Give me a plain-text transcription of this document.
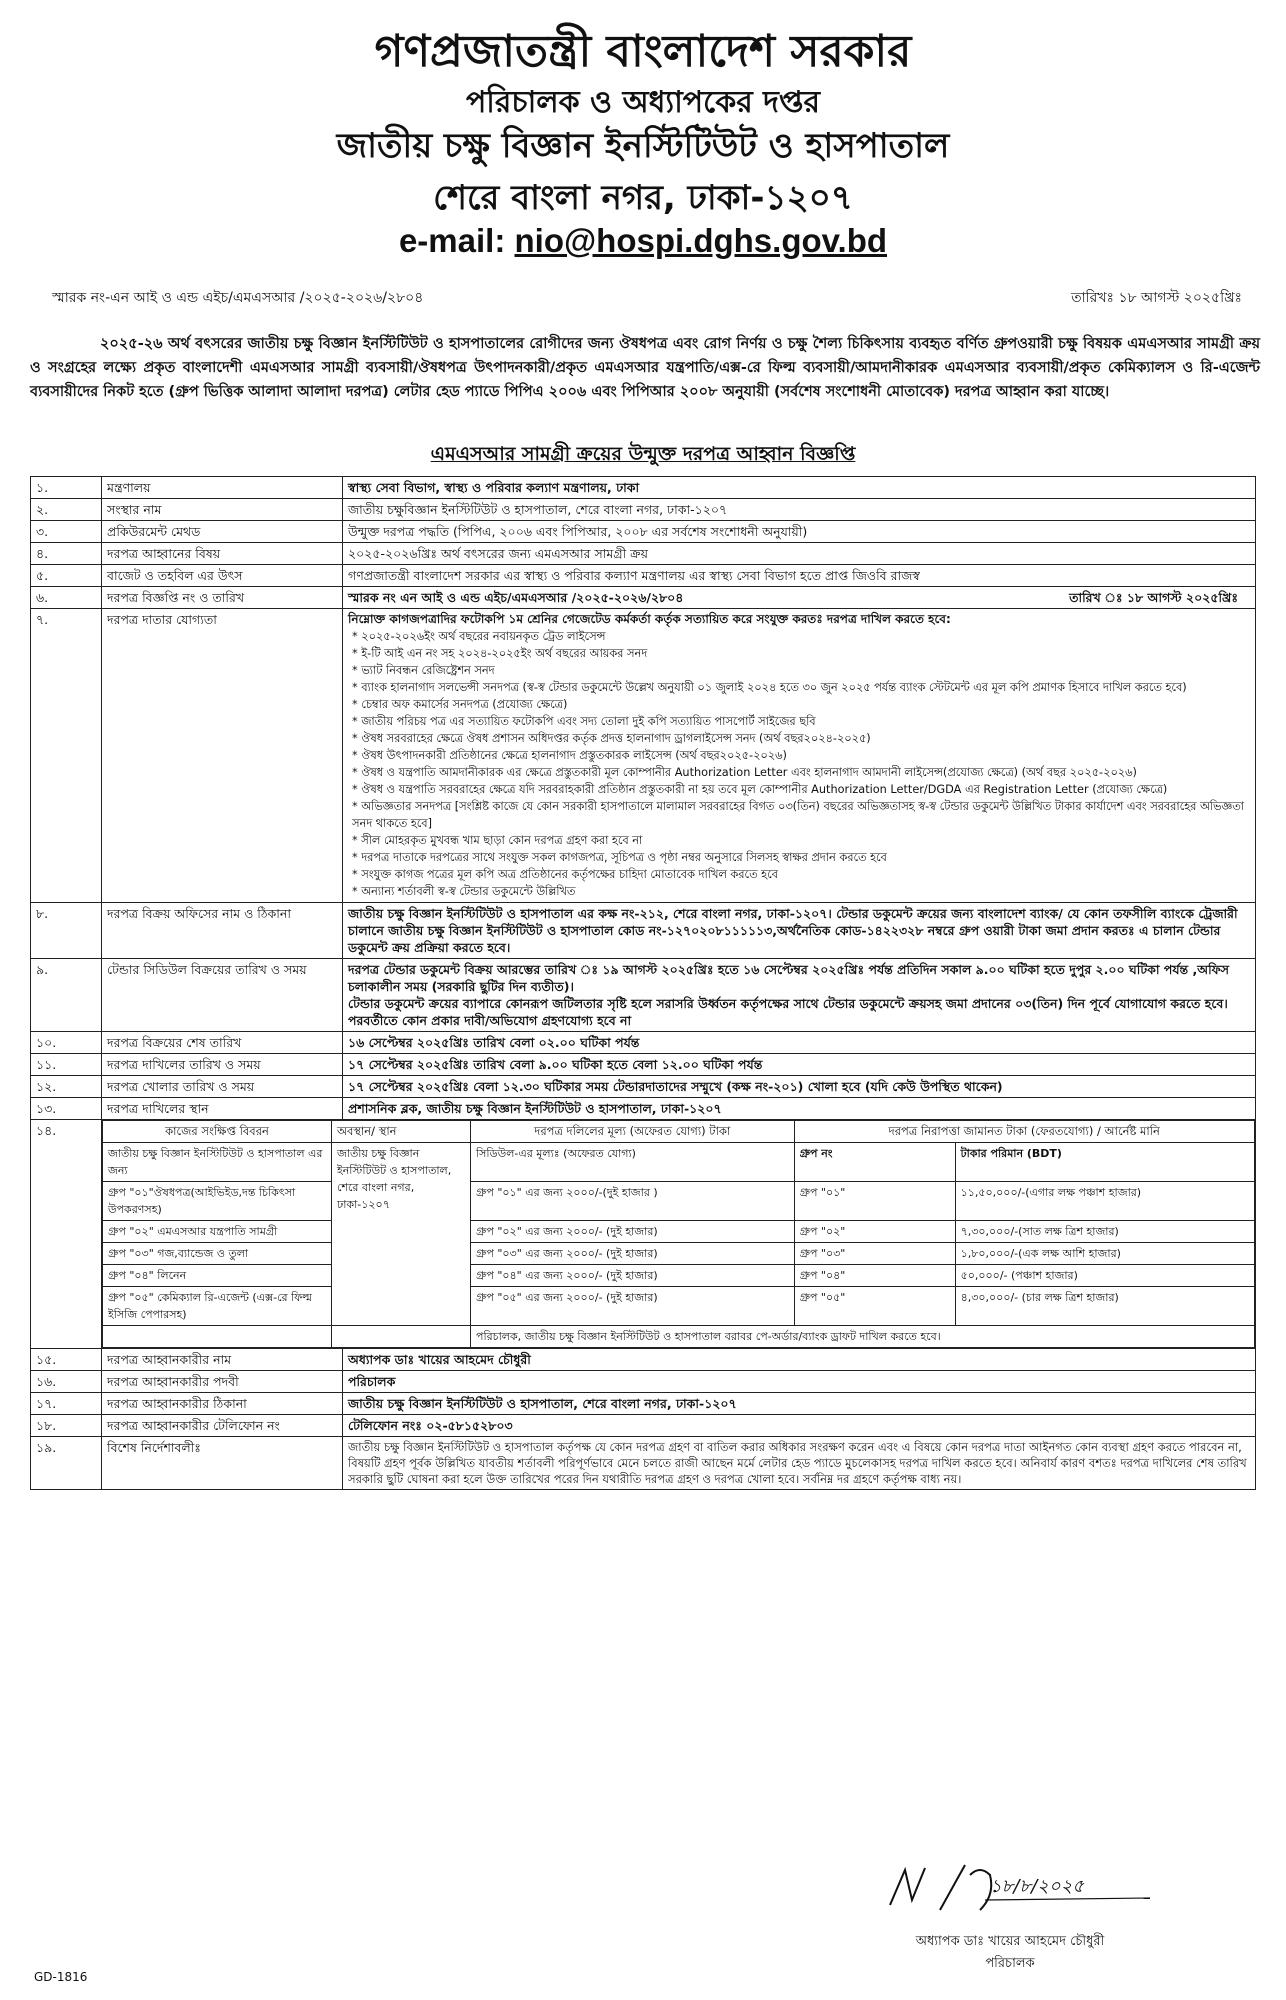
গণপ্রজাতন্ত্রী বাংলাদেশ সরকার
পরিচালক ও অধ্যাপকের দপ্তর
জাতীয় চক্ষু বিজ্ঞান ইনস্টিটিউট ও হাসপাতাল
শেরে বাংলা নগর, ঢাকা-১২০৭
e-mail: nio@hospi.dghs.gov.bd
স্মারক নং-এন আই ও এন্ড এইচ/এমএসআর /২০২৫-২০২৬/২৮০৪	তারিখঃ ১৮ আগস্ট ২০২৫খ্রিঃ
২০২৫-২৬ অর্থ বৎসরের জাতীয় চক্ষু বিজ্ঞান ইনস্টিটিউট ও হাসপাতালের রোগীদের জন্য ঔষধপত্র এবং রোগ নির্ণয় ও চক্ষু শৈল্য চিকিৎসায় ব্যবহৃত বর্ণিত গ্রুপওয়ারী চক্ষু বিষয়ক এমএসআর সামগ্রী ক্রয় ও সংগ্রহের লক্ষ্যে প্রকৃত বাংলাদেশী এমএসআর সামগ্রী ব্যবসায়ী/ঔষধপত্র উৎপাদনকারী/প্রকৃত এমএসআর যন্ত্রপাতি/এক্স-রে ফিল্ম ব্যবসায়ী/আমদানীকারক এমএসআর ব্যবসায়ী/প্রকৃত কেমিক্যালস ও রি-এজেন্ট ব্যবসায়ীদের নিকট হতে (গ্রুপ ভিত্তিক আলাদা আলাদা দরপত্র) লেটার হেড প্যাডে পিপিএ ২০০৬ এবং পিপিআর ২০০৮ অনুযায়ী (সর্বশেষ সংশোধনী মোতাবেক) দরপত্র আহ্বান করা যাচ্ছে।
এমএসআর সামগ্রী ক্রয়ের উন্মুক্ত দরপত্র আহ্বান বিজ্ঞপ্তি
১.	মন্ত্রণালয়	স্বাস্থ্য সেবা বিভাগ, স্বাস্থ্য ও পরিবার কল্যাণ মন্ত্রণালয়, ঢাকা
২.	সংস্থার নাম	জাতীয় চক্ষুবিজ্ঞান ইনস্টিটিউট ও হাসপাতাল, শেরে বাংলা নগর, ঢাকা-১২০৭
৩.	প্রকিউরমেন্ট মেথড	উন্মুক্ত দরপত্র পদ্ধতি (পিপিএ, ২০০৬ এবং পিপিআর, ২০০৮ এর সর্বশেষ সংশোধনী অনুযায়ী)
৪.	দরপত্র আহ্বানের বিষয়	২০২৫-২০২৬খ্রিঃ অর্থ বৎসরের জন্য এমএসআর সামগ্রী ক্রয়
৫.	বাজেট ও তহবিল এর উৎস	গণপ্রজাতন্ত্রী বাংলাদেশ সরকার এর স্বাস্থ্য ও পরিবার কল্যাণ মন্ত্রণালয় এর স্বাস্থ্য সেবা বিভাগ হতে প্রাপ্ত জিওবি রাজস্ব
৬.	দরপত্র বিজ্ঞপ্তি নং ও তারিখ	স্মারক নং এন আই ও এন্ড এইচ/এমএসআর /২০২৫-২০২৬/২৮০৪	তারিখ ঃ ১৮ আগস্ট ২০২৫খ্রিঃ

৭.	দরপত্র দাতার যোগ্যতা	নিম্নোক্ত কাগজপত্রাদির ফটোকপি ১ম শ্রেনির গেজেটেড কর্মকর্তা কর্তৃক সত্যায়িত করে সংযুক্ত করতঃ দরপত্র দাখিল করতে হবে:
* ২০২৫-২০২৬ইং অর্থ বছরের নবায়নকৃত ট্রেড লাইসেন্স
* ই-টি আই এন নং সহ ২০২৪-২০২৫ইং অর্থ বছরের আয়কর সনদ
* ভ্যাট নিবন্ধন রেজিষ্ট্রেশন সনদ
* ব্যাংক হালনাগাদ সলভেন্সী সনদপত্র (স্ব-স্ব টেন্ডার ডকুমেন্টে উল্লেখ অনুযায়ী ০১ জুলাই ২০২৪ হতে ৩০ জুন ২০২৫ পর্যন্ত ব্যাংক স্টেটমেন্ট এর মূল কপি প্রমাণক হিসাবে দাখিল করতে হবে)
* চেম্বার অফ কমার্সের সনদপত্র (প্রযোজ্য ক্ষেত্রে)
* জাতীয় পরিচয় পত্র এর সত্যায়িত ফটোকপি এবং সদ্য তোলা দুই কপি সত্যায়িত পাসপোর্ট সাইজের ছবি
* ঔষধ সরবরাহের ক্ষেত্রে ঔষধ প্রশাসন অধিদপ্তর কর্তৃক প্রদত্ত হালনাগাদ ড্রাগলাইসেন্স সনদ (অর্থ বছর২০২৪-২০২৫)
* ঔষধ উৎপাদনকারী প্রতিষ্ঠানের ক্ষেত্রে হালনাগাদ প্রস্তুতকারক লাইসেন্স (অর্থ বছর২০২৫-২০২৬)
* ঔষধ ও যন্ত্রপাতি আমদানীকারক এর ক্ষেত্রে প্রস্তুতকারী মূল কোম্পানীর Authorization Letter এবং হালনাগাদ আমদানী লাইসেন্স(প্রযোজ্য ক্ষেত্রে) (অর্থ বছর ২০২৫-২০২৬)
* ঔষধ ও যন্ত্রপাতি সরবরাহের ক্ষেত্রে যদি সরবরাহকারী প্রতিষ্ঠান প্রস্তুতকারী না হয় তবে মূল কোম্পানীর Authorization Letter/DGDA এর Registration Letter (প্রযোজ্য ক্ষেত্রে)
* অভিজ্ঞতার সনদপত্র [সংশ্লিষ্ট কাজে যে কোন সরকারী হাসপাতালে মালামাল সরবরাহের বিগত ০৩(তিন) বছরের অভিজ্ঞতাসহ স্ব-স্ব টেন্ডার ডকুমেন্ট উল্লিখিত টাকার কার্যাদেশ এবং সরবরাহের অভিজ্ঞতা সনদ থাকতে হবে]
* সীল মোহরকৃত মুখবন্ধ খাম ছাড়া কোন দরপত্র গ্রহণ করা হবে না
* দরপত্র দাতাকে দরপত্রের সাথে সংযুক্ত সকল কাগজপত্র, সূচিপত্র ও পৃষ্ঠা নম্বর অনুসারে সিলসহ স্বাক্ষর প্রদান করতে হবে
* সংযুক্ত কাগজ পত্রের মূল কপি অত্র প্রতিষ্ঠানের কর্তৃপক্ষের চাহিদা মোতাবেক দাখিল করতে হবে
* অন্যান্য শর্তাবলী স্ব-স্ব টেন্ডার ডকুমেন্টে উল্লিখিত

৮.	দরপত্র বিক্রয় অফিসের নাম ও ঠিকানা	জাতীয় চক্ষু বিজ্ঞান ইনস্টিটিউট ও হাসপাতাল এর কক্ষ নং-২১২, শেরে বাংলা নগর, ঢাকা-১২০৭। টেন্ডার ডকুমেন্ট ক্রয়ের জন্য বাংলাদেশ ব্যাংক/ যে কোন তফসীলি ব্যাংকে ট্রেজারী চালানে জাতীয় চক্ষু বিজ্ঞান ইনস্টিটিউট ও হাসপাতাল কোড নং-১২৭০২০৮১১১১১৩,অর্থনৈতিক কোড-১৪২২৩২৮ নম্বরে গ্রুপ ওয়ারী টাকা জমা প্রদান করতঃ এ চালান টেন্ডার ডকুমেন্ট ক্রয় প্রক্রিয়া করতে হবে।
৯.	টেন্ডার সিডিউল বিক্রয়ের তারিখ ও সময়	দরপত্র টেন্ডার ডকুমেন্ট বিক্রয় আরম্ভের তারিখ ঃ ১৯ আগস্ট ২০২৫খ্রিঃ হতে ১৬ সেপ্টেম্বর ২০২৫খ্রিঃ পর্যন্ত প্রতিদিন সকাল ৯.০০ ঘটিকা হতে দুপুর ২.০০ ঘটিকা পর্যন্ত ,অফিস চলাকালীন সময় (সরকারি ছুটির দিন ব্যতীত)।
টেন্ডার ডকুমেন্ট ক্রয়ের ব্যাপারে কোনরূপ জটিলতার সৃষ্টি হলে সরাসরি উর্ধ্বতন কর্তৃপক্ষের সাথে টেন্ডার ডকুমেন্টে ক্রয়সহ জমা প্রদানের ০৩(তিন) দিন পূর্বে যোগাযোগ করতে হবে। পরবর্তীতে কোন প্রকার দাবী/অভিযোগ গ্রহণযোগ্য হবে না

১০.	দরপত্র বিক্রয়ের শেষ তারিখ	১৬ সেপ্টেম্বর ২০২৫খ্রিঃ তারিখ বেলা ০২.০০ ঘটিকা পর্যন্ত
১১.	দরপত্র দাখিলের তারিখ ও সময়	১৭ সেপ্টেম্বর ২০২৫খ্রিঃ তারিখ বেলা ৯.০০ ঘটিকা হতে বেলা ১২.০০ ঘটিকা পর্যন্ত
১২.	দরপত্র খোলার তারিখ ও সময়	১৭ সেপ্টেম্বর ২০২৫খ্রিঃ বেলা ১২.৩০ ঘটিকার সময় টেন্ডারদাতাদের সম্মুখে (কক্ষ নং-২০১) খোলা হবে (যদি কেউ উপস্থিত থাকেন)
১৩.	দরপত্র দাখিলের স্থান	প্রশাসনিক ব্লক, জাতীয় চক্ষু বিজ্ঞান ইনস্টিটিউট ও হাসপাতাল, ঢাকা-১২০৭
১৪.		কাজের সংক্ষিপ্ত বিবরন	অবস্থান/ স্থান	দরপত্র দলিলের মূল্য (অফেরত যোগ্য) টাকা	দরপত্র নিরাপত্তা জামানত টাকা (ফেরতযোগ্য) / আর্নেষ্ট মানি
জাতীয় চক্ষু বিজ্ঞান ইনস্টিটিউট ও হাসপাতাল এর জন্য	জাতীয় চক্ষু বিজ্ঞান ইনস্টিটিউট ও হাসপাতাল, শেরে বাংলা নগর, ঢাকা-১২০৭	সিডিউল-এর মূল্যঃ (অফেরত যোগ্য)	গ্রুপ নং	টাকার পরিমান (BDT)
গ্রুপ "০১"ঔষধপত্র(আইভিইড,দন্ত চিকিৎসা উপকরণসহ)	গ্রুপ "০১" এর জন্য ২০০০/-(দুই হাজার )	গ্রুপ "০১"	১১,৫০,০০০/-(এগার লক্ষ পঞ্চাশ হাজার)
গ্রুপ "০২" এমএসআর যন্ত্রপাতি সামগ্রী	গ্রুপ "০২" এর জন্য ২০০০/- (দুই হাজার)	গ্রুপ "০২"	৭,৩০,০০০/-(সাত লক্ষ ত্রিশ হাজার)
গ্রুপ "০৩" গজ,ব্যান্ডেজ ও তুলা	গ্রুপ "০৩" এর জন্য ২০০০/- (দুই হাজার)	গ্রুপ "০৩"	১,৮০,০০০/-(এক লক্ষ আশি হাজার)
গ্রুপ "০৪" লিনেন	গ্রুপ "০৪" এর জন্য ২০০০/- (দুই হাজার)	গ্রুপ "০৪"	৫০,০০০/- (পঞ্চাশ হাজার)
গ্রুপ "০৫" কেমিক্যাল রি-এজেন্ট (এক্স-রে ফিল্ম ইসিজি পেপারসহ)	গ্রুপ "০৫" এর জন্য ২০০০/- (দুই হাজার)	গ্রুপ "০৫"	৪,৩০,০০০/- (চার লক্ষ ত্রিশ হাজার)
		পরিচালক, জাতীয় চক্ষু বিজ্ঞান ইনস্টিটিউট ও হাসপাতাল বরাবর পে-অর্ডার/ব্যাংক ড্রাফট দাখিল করতে হবে।

১৫.	দরপত্র আহ্বানকারীর নাম	অধ্যাপক ডাঃ খায়ের আহমেদ চৌধুরী
১৬.	দরপত্র আহ্বানকারীর পদবী	পরিচালক
১৭.	দরপত্র আহ্বানকারীর ঠিকানা	জাতীয় চক্ষু বিজ্ঞান ইনস্টিটিউট ও হাসপাতাল, শেরে বাংলা নগর, ঢাকা-১২০৭
১৮.	দরপত্র আহ্বানকারীর টেলিফোন নং	টেলিফোন নংঃ ০২-৫৮১৫২৮০৩
১৯.	বিশেষ নির্দেশাবলীঃ	জাতীয় চক্ষু বিজ্ঞান ইনস্টিটিউট ও হাসপাতাল কর্তৃপক্ষ যে কোন দরপত্র গ্রহণ বা বাতিল করার অধিকার সংরক্ষণ করেন এবং এ বিষয়ে কোন দরপত্র দাতা আইনগত কোন ব্যবস্থা গ্রহণ করতে পারবেন না, বিষয়টি গ্রহণ পূর্বক উল্লিখিত যাবতীয় শর্তাবলী পরিপূর্ণভাবে মেনে চলতে রাজী আছেন মর্মে লেটার হেড প্যাডে মুচলেকাসহ দরপত্র দাখিল করতে হবে। অনিবার্য কারণ বশতঃ দরপত্র দাখিলের শেষ তারিখ সরকারি ছুটি ঘোষনা করা হলে উক্ত তারিখের পরের দিন যথারীতি দরপত্র গ্রহণ ও দরপত্র খোলা হবে। সর্বনিম্ন দর গ্রহণে কর্তৃপক্ষ বাধ্য নয়।
১৮/৮/২০২৫
অধ্যাপক ডাঃ খায়ের আহমেদ চৌধুরী
পরিচালক
GD-1816
